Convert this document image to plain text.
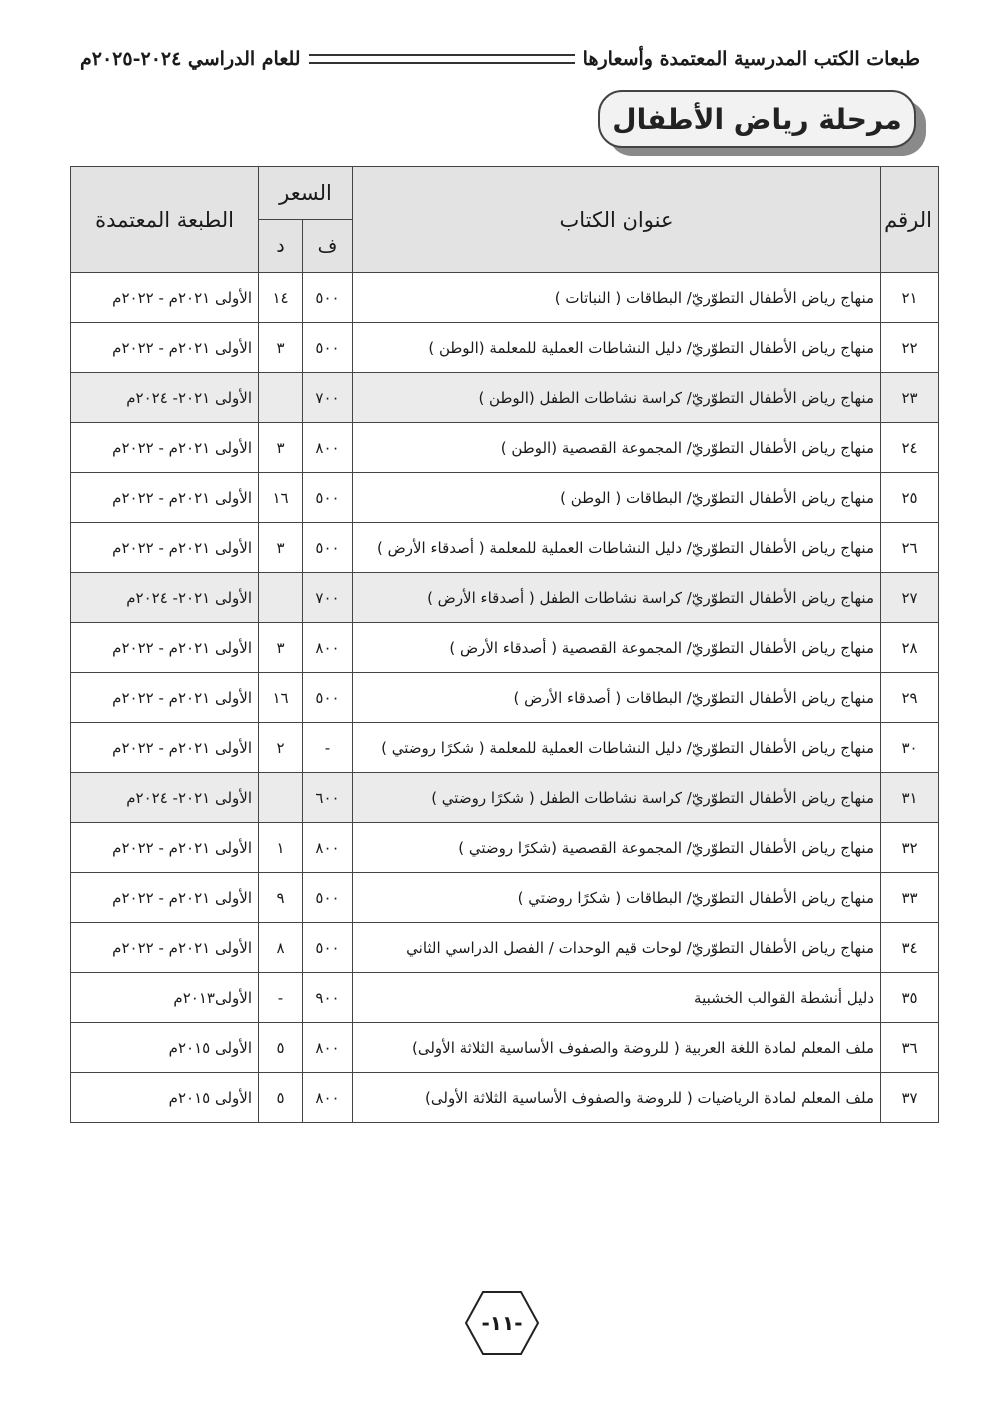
طبعات الكتب المدرسية المعتمدة وأسعارها
للعام الدراسي ٢٠٢٤-٢٠٢٥م
مرحلة رياض الأطفال
الرقم	عنوان الكتاب	السعر		الطبعة المعتمدة
		ف	د	
٢١	منهاج رياض الأطفال التطوّريّ/ البطاقات ( النباتات )	٥٠٠	١٤	الأولى ٢٠٢١م - ٢٠٢٢م
٢٢	منهاج رياض الأطفال التطوّريّ/ دليل النشاطات العملية للمعلمة (الوطن )	٥٠٠	٣	الأولى ٢٠٢١م - ٢٠٢٢م
٢٣	منهاج رياض الأطفال التطوّريّ/ كراسة نشاطات الطفل (الوطن )	٧٠٠		الأولى ٢٠٢١- ٢٠٢٤م
٢٤	منهاج رياض الأطفال التطوّريّ/ المجموعة القصصية (الوطن )	٨٠٠	٣	الأولى ٢٠٢١م - ٢٠٢٢م
٢٥	منهاج رياض الأطفال التطوّريّ/ البطاقات ( الوطن )	٥٠٠	١٦	الأولى ٢٠٢١م - ٢٠٢٢م
٢٦	منهاج رياض الأطفال التطوّريّ/ دليل النشاطات العملية للمعلمة ( أصدقاء الأرض )	٥٠٠	٣	الأولى ٢٠٢١م - ٢٠٢٢م
٢٧	منهاج رياض الأطفال التطوّريّ/ كراسة نشاطات الطفل ( أصدقاء الأرض )	٧٠٠		الأولى ٢٠٢١- ٢٠٢٤م
٢٨	منهاج رياض الأطفال التطوّريّ/ المجموعة القصصية ( أصدقاء الأرض )	٨٠٠	٣	الأولى ٢٠٢١م - ٢٠٢٢م
٢٩	منهاج رياض الأطفال التطوّريّ/ البطاقات ( أصدقاء الأرض )	٥٠٠	١٦	الأولى ٢٠٢١م - ٢٠٢٢م
٣٠	منهاج رياض الأطفال التطوّريّ/ دليل النشاطات العملية للمعلمة ( شكرًا روضتي )	-	٢	الأولى ٢٠٢١م - ٢٠٢٢م
٣١	منهاج رياض الأطفال التطوّريّ/ كراسة نشاطات الطفل ( شكرًا روضتي )	٦٠٠		الأولى ٢٠٢١- ٢٠٢٤م
٣٢	منهاج رياض الأطفال التطوّريّ/ المجموعة القصصية (شكرًا روضتي )	٨٠٠	١	الأولى ٢٠٢١م - ٢٠٢٢م
٣٣	منهاج رياض الأطفال التطوّريّ/ البطاقات ( شكرًا روضتي )	٥٠٠	٩	الأولى ٢٠٢١م - ٢٠٢٢م
٣٤	منهاج رياض الأطفال التطوّريّ/ لوحات قيم الوحدات / الفصل الدراسي الثاني	٥٠٠	٨	الأولى ٢٠٢١م - ٢٠٢٢م
٣٥	دليل أنشطة القوالب الخشبية	٩٠٠	-	الأولى٢٠١٣م
٣٦	ملف المعلم لمادة اللغة العربية ( للروضة والصفوف الأساسية الثلاثة الأولى)	٨٠٠	٥	الأولى ٢٠١٥م
٣٧	ملف المعلم لمادة الرياضيات ( للروضة والصفوف الأساسية الثلاثة الأولى)	٨٠٠	٥	الأولى ٢٠١٥م
-١١-
